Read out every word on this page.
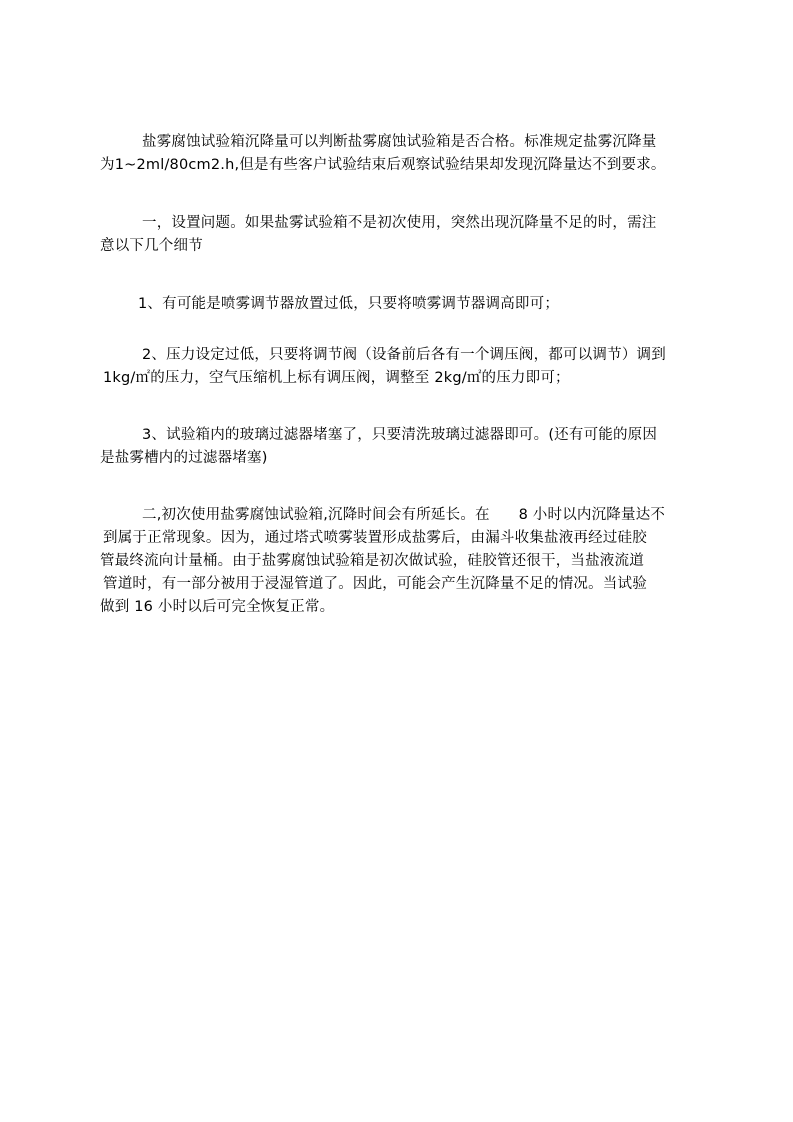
盐雾腐蚀试验箱沉降量可以判断盐雾腐蚀试验箱是否合格。标准规定盐雾沉降量
为1~2ml/80cm2.h,但是有些客户试验结束后观察试验结果却发现沉降量达不到要求。
一，设置问题。如果盐雾试验箱不是初次使用，突然出现沉降量不足的时，需注
意以下几个细节
1、有可能是喷雾调节器放置过低，只要将喷雾调节器调高即可；
2、压力设定过低，只要将调节阀（设备前后各有一个调压阀，都可以调节）调到
1kg/㎡的压力，空气压缩机上标有调压阀，调整至 2kg/㎡的压力即可；
3、试验箱内的玻璃过滤器堵塞了，只要清洗玻璃过滤器即可。(还有可能的原因
是盐雾槽内的过滤器堵塞)
二,初次使用盐雾腐蚀试验箱,沉降时间会有所延长。在      8 小时以内沉降量达不
到属于正常现象。因为，通过塔式喷雾装置形成盐雾后，由漏斗收集盐液再经过硅胶
管最终流向计量桶。由于盐雾腐蚀试验箱是初次做试验，硅胶管还很干，当盐液流道
管道时，有一部分被用于浸湿管道了。因此，可能会产生沉降量不足的情况。当试验
做到 16 小时以后可完全恢复正常。
